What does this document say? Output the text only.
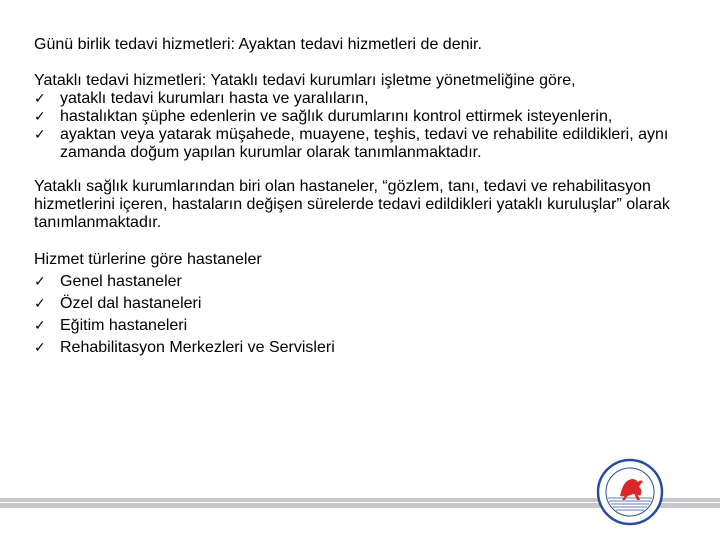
Günü birlik tedavi hizmetleri: Ayaktan tedavi hizmetleri de denir.

Yataklı tedavi hizmetleri: Yataklı tedavi kurumları işletme yönetmeliğine göre,

✓ yataklı tedavi kurumları hasta ve yaralıların,
✓ hastalıktan şüphe edenlerin ve sağlık durumlarını kontrol ettirmek isteyenlerin,
✓ ayaktan veya yatarak müşahede, muayene, teşhis, tedavi ve rehabilite edildikleri, aynı zamanda doğum yapılan kurumlar olarak tanımlanmaktadır.

Yataklı sağlık kurumlarından biri olan hastaneler, “gözlem, tanı, tedavi ve rehabilitasyon hizmetlerini içeren, hastaların değişen sürelerde tedavi edildikleri yataklı kuruluşlar” olarak tanımlanmaktadır.

Hizmet türlerine göre hastaneler

✓ Genel hastaneler
✓ Özel dal hastaneleri
✓ Eğitim hastaneleri
✓ Rehabilitasyon Merkezleri ve Servisleri
